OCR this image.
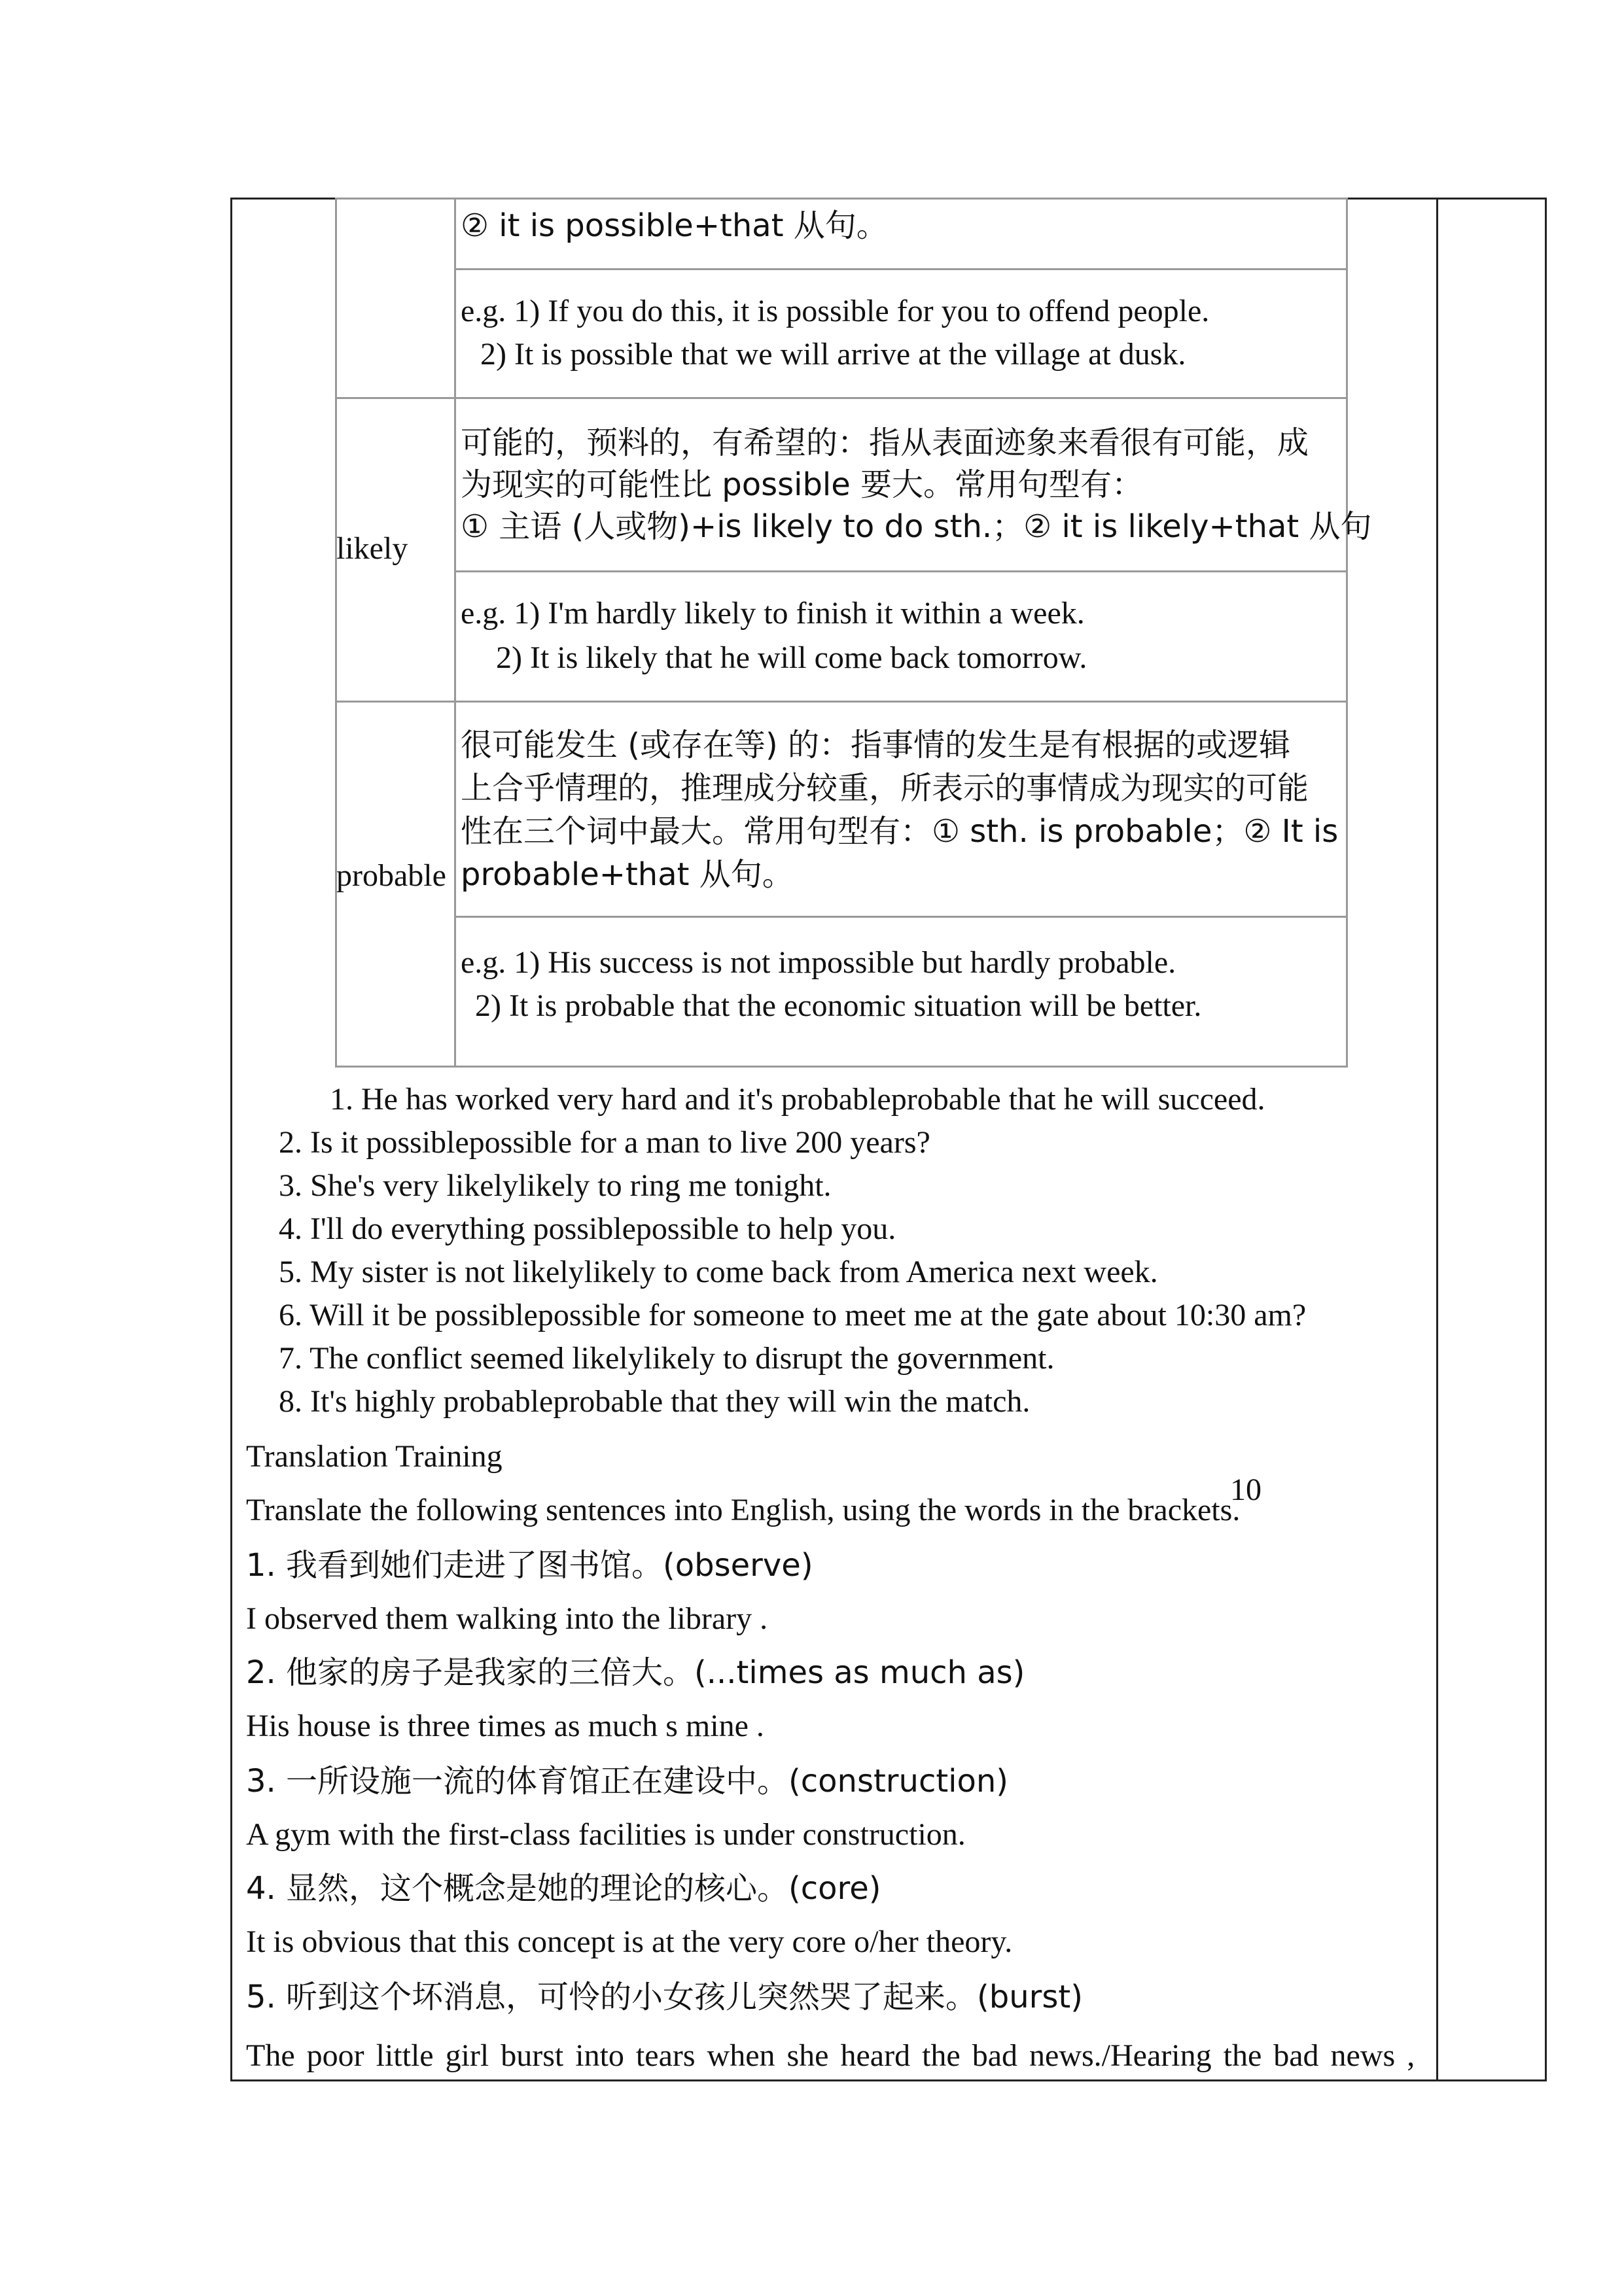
10
② it is possible+that 从句。
e.g. 1) If you do this, it is possible for you to offend people.
2) It is possible that we will arrive at the village at dusk.
likely
可能的，预料的，有希望的：指从表面迹象来看很有可能，成
为现实的可能性比 possible 要大。常用句型有：
① 主语 (人或物)+is likely to do sth.；② it is likely+that 从句
e.g. 1) I'm hardly likely to finish it within a week.
2) It is likely that he will come back tomorrow.
probable
很可能发生 (或存在等) 的：指事情的发生是有根据的或逻辑
上合乎情理的，推理成分较重，所表示的事情成为现实的可能
性在三个词中最大。常用句型有：① sth. is probable；② It is
probable+that 从句。
e.g. 1) His success is not impossible but hardly probable.
2) It is probable that the economic situation will be better.
1. He has worked very hard and it's probableprobable that he will succeed.
2. Is it possiblepossible for a man to live 200 years?
3. She's very likelylikely to ring me tonight.
4. I'll do everything possiblepossible to help you.
5. My sister is not likelylikely to come back from America next week.
6. Will it be possiblepossible for someone to meet me at the gate about 10:30 am?
7. The conflict seemed likelylikely to disrupt the government.
8. It's highly probableprobable that they will win the match.
Translation Training
Translate the following sentences into English, using the words in the brackets.
1. 我看到她们走进了图书馆。(observe)
I observed them walking into the library .
2. 他家的房子是我家的三倍大。(...times as much as)
His house is three times as much s mine .
3. 一所设施一流的体育馆正在建设中。(construction)
A gym with the first-class facilities is under construction.
4. 显然，这个概念是她的理论的核心。(core)
It is obvious that this concept is at the very core o/her theory.
5. 听到这个坏消息，可怜的小女孩儿突然哭了起来。(burst)
The poor little girl burst into tears when she heard the bad news./Hearing the bad news ,
